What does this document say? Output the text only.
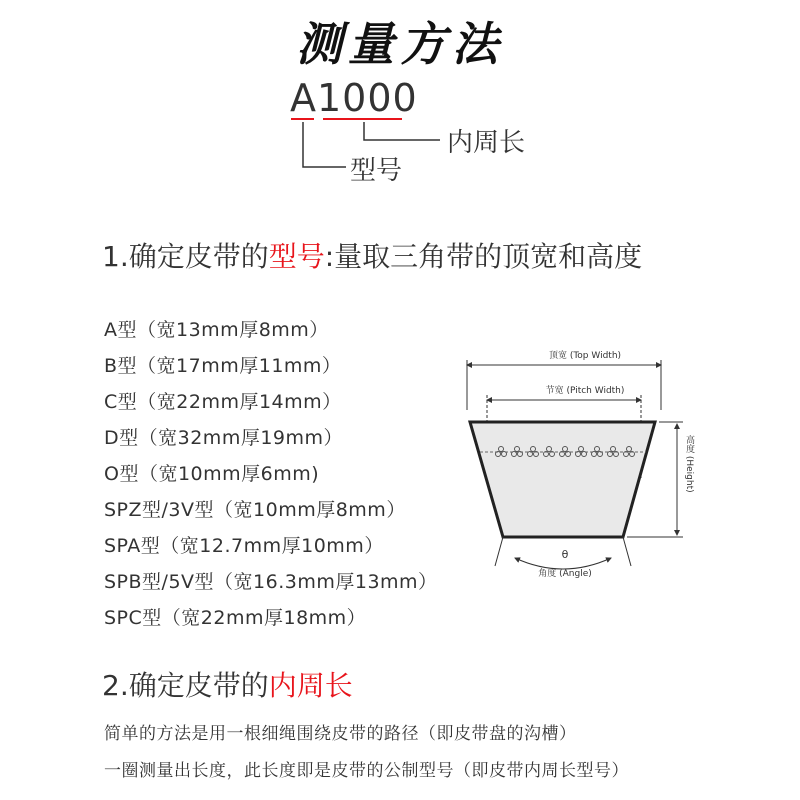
测量方法
A1000
内周长
型号
1.确定皮带的型号:量取三角带的顶宽和高度
A型（宽13mm厚8mm）
B型（宽17mm厚11mm）
C型（宽22mm厚14mm）
D型（宽32mm厚19mm）
O型（宽10mm厚6mm)
SPZ型/3V型（宽10mm厚8mm）
SPA型（宽12.7mm厚10mm）
SPB型/5V型（宽16.3mm厚13mm）
SPC型（宽22mm厚18mm）
顶宽 (Top Width)
节宽 (Pitch Width)
高度 (Height)
θ
角度 (Angle)
2.确定皮带的内周长
简单的方法是用一根细绳围绕皮带的路径（即皮带盘的沟槽）
一圈测量出长度，此长度即是皮带的公制型号（即皮带内周长型号）
